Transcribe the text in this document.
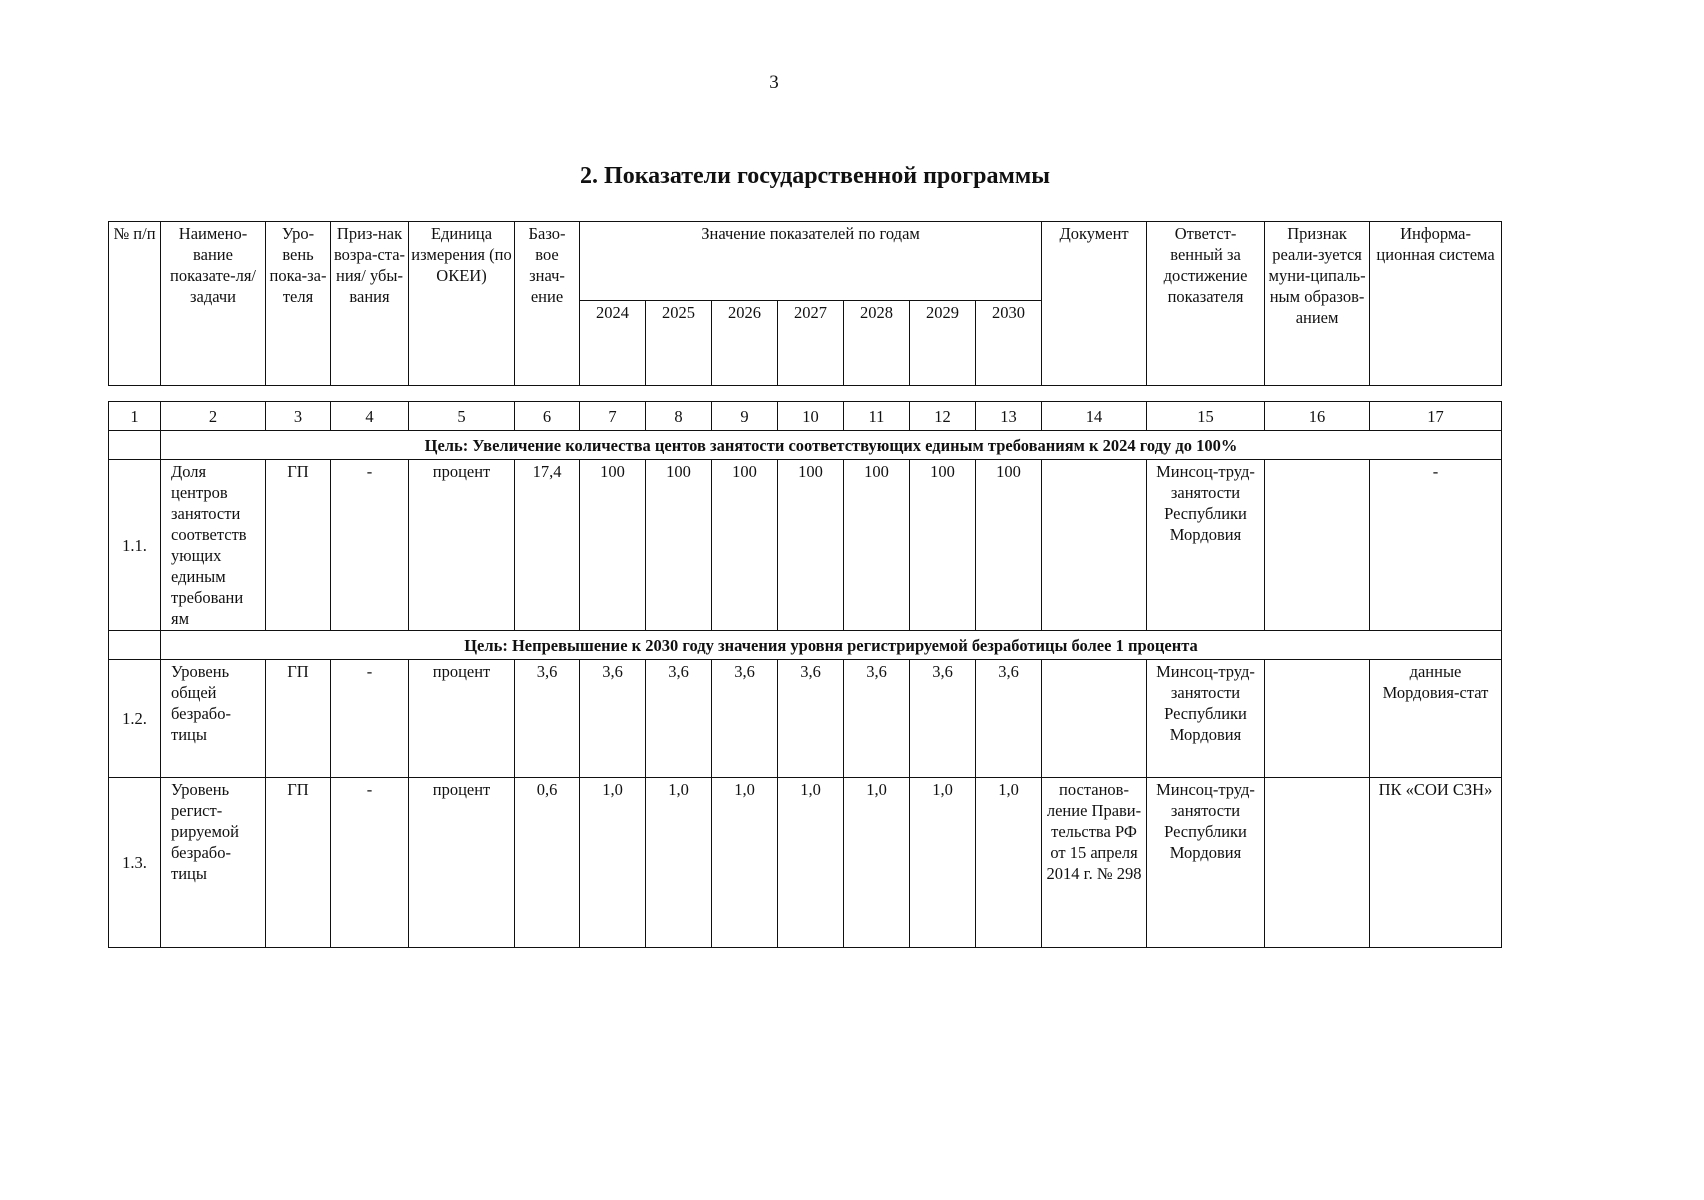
3
2. Показатели государственной программы
№ п/п	Наимено-вание показате-ля/ задачи	Уро-вень пока-за-теля	Приз-нак возра-ста-ния/ убы-вания	Единица измерения (по ОКЕИ)	Базо-вое знач-ение	Значение показателей по годам							Документ	Ответст-венный за достижение показателя	Признак реали-зуется муни-ципаль-ным образов-анием	Информа-ционная система
						2024	2025	2026	2027	2028	2029	2030				
1	2	3	4	5	6	7	8	9	10	11	12	13	14	15	16	17
	Цель: Увеличение количества центов занятости соответствующих единым требованиям к 2024 году до 100%															
1.1.	Доля центров занятости соответств ующих единым требовани ям	ГП	-	процент	17,4	100	100	100	100	100	100	100		Минсоц-труд-занятости Республики Мордовия		-
	Цель: Непревышение к 2030 году значения уровня регистрируемой безработицы более 1 процента															
1.2.	Уровень общей безрабо-тицы	ГП	-	процент	3,6	3,6	3,6	3,6	3,6	3,6	3,6	3,6		Минсоц-труд-занятости Республики Мордовия		данные Мордовия-стат
1.3.	Уровень регист-рируемой безрабо-тицы	ГП	-	процент	0,6	1,0	1,0	1,0	1,0	1,0	1,0	1,0	постанов-ление Прави-тельства РФ от 15 апреля 2014 г. № 298	Минсоц-труд-занятости Республики Мордовия		ПК «СОИ СЗН»
